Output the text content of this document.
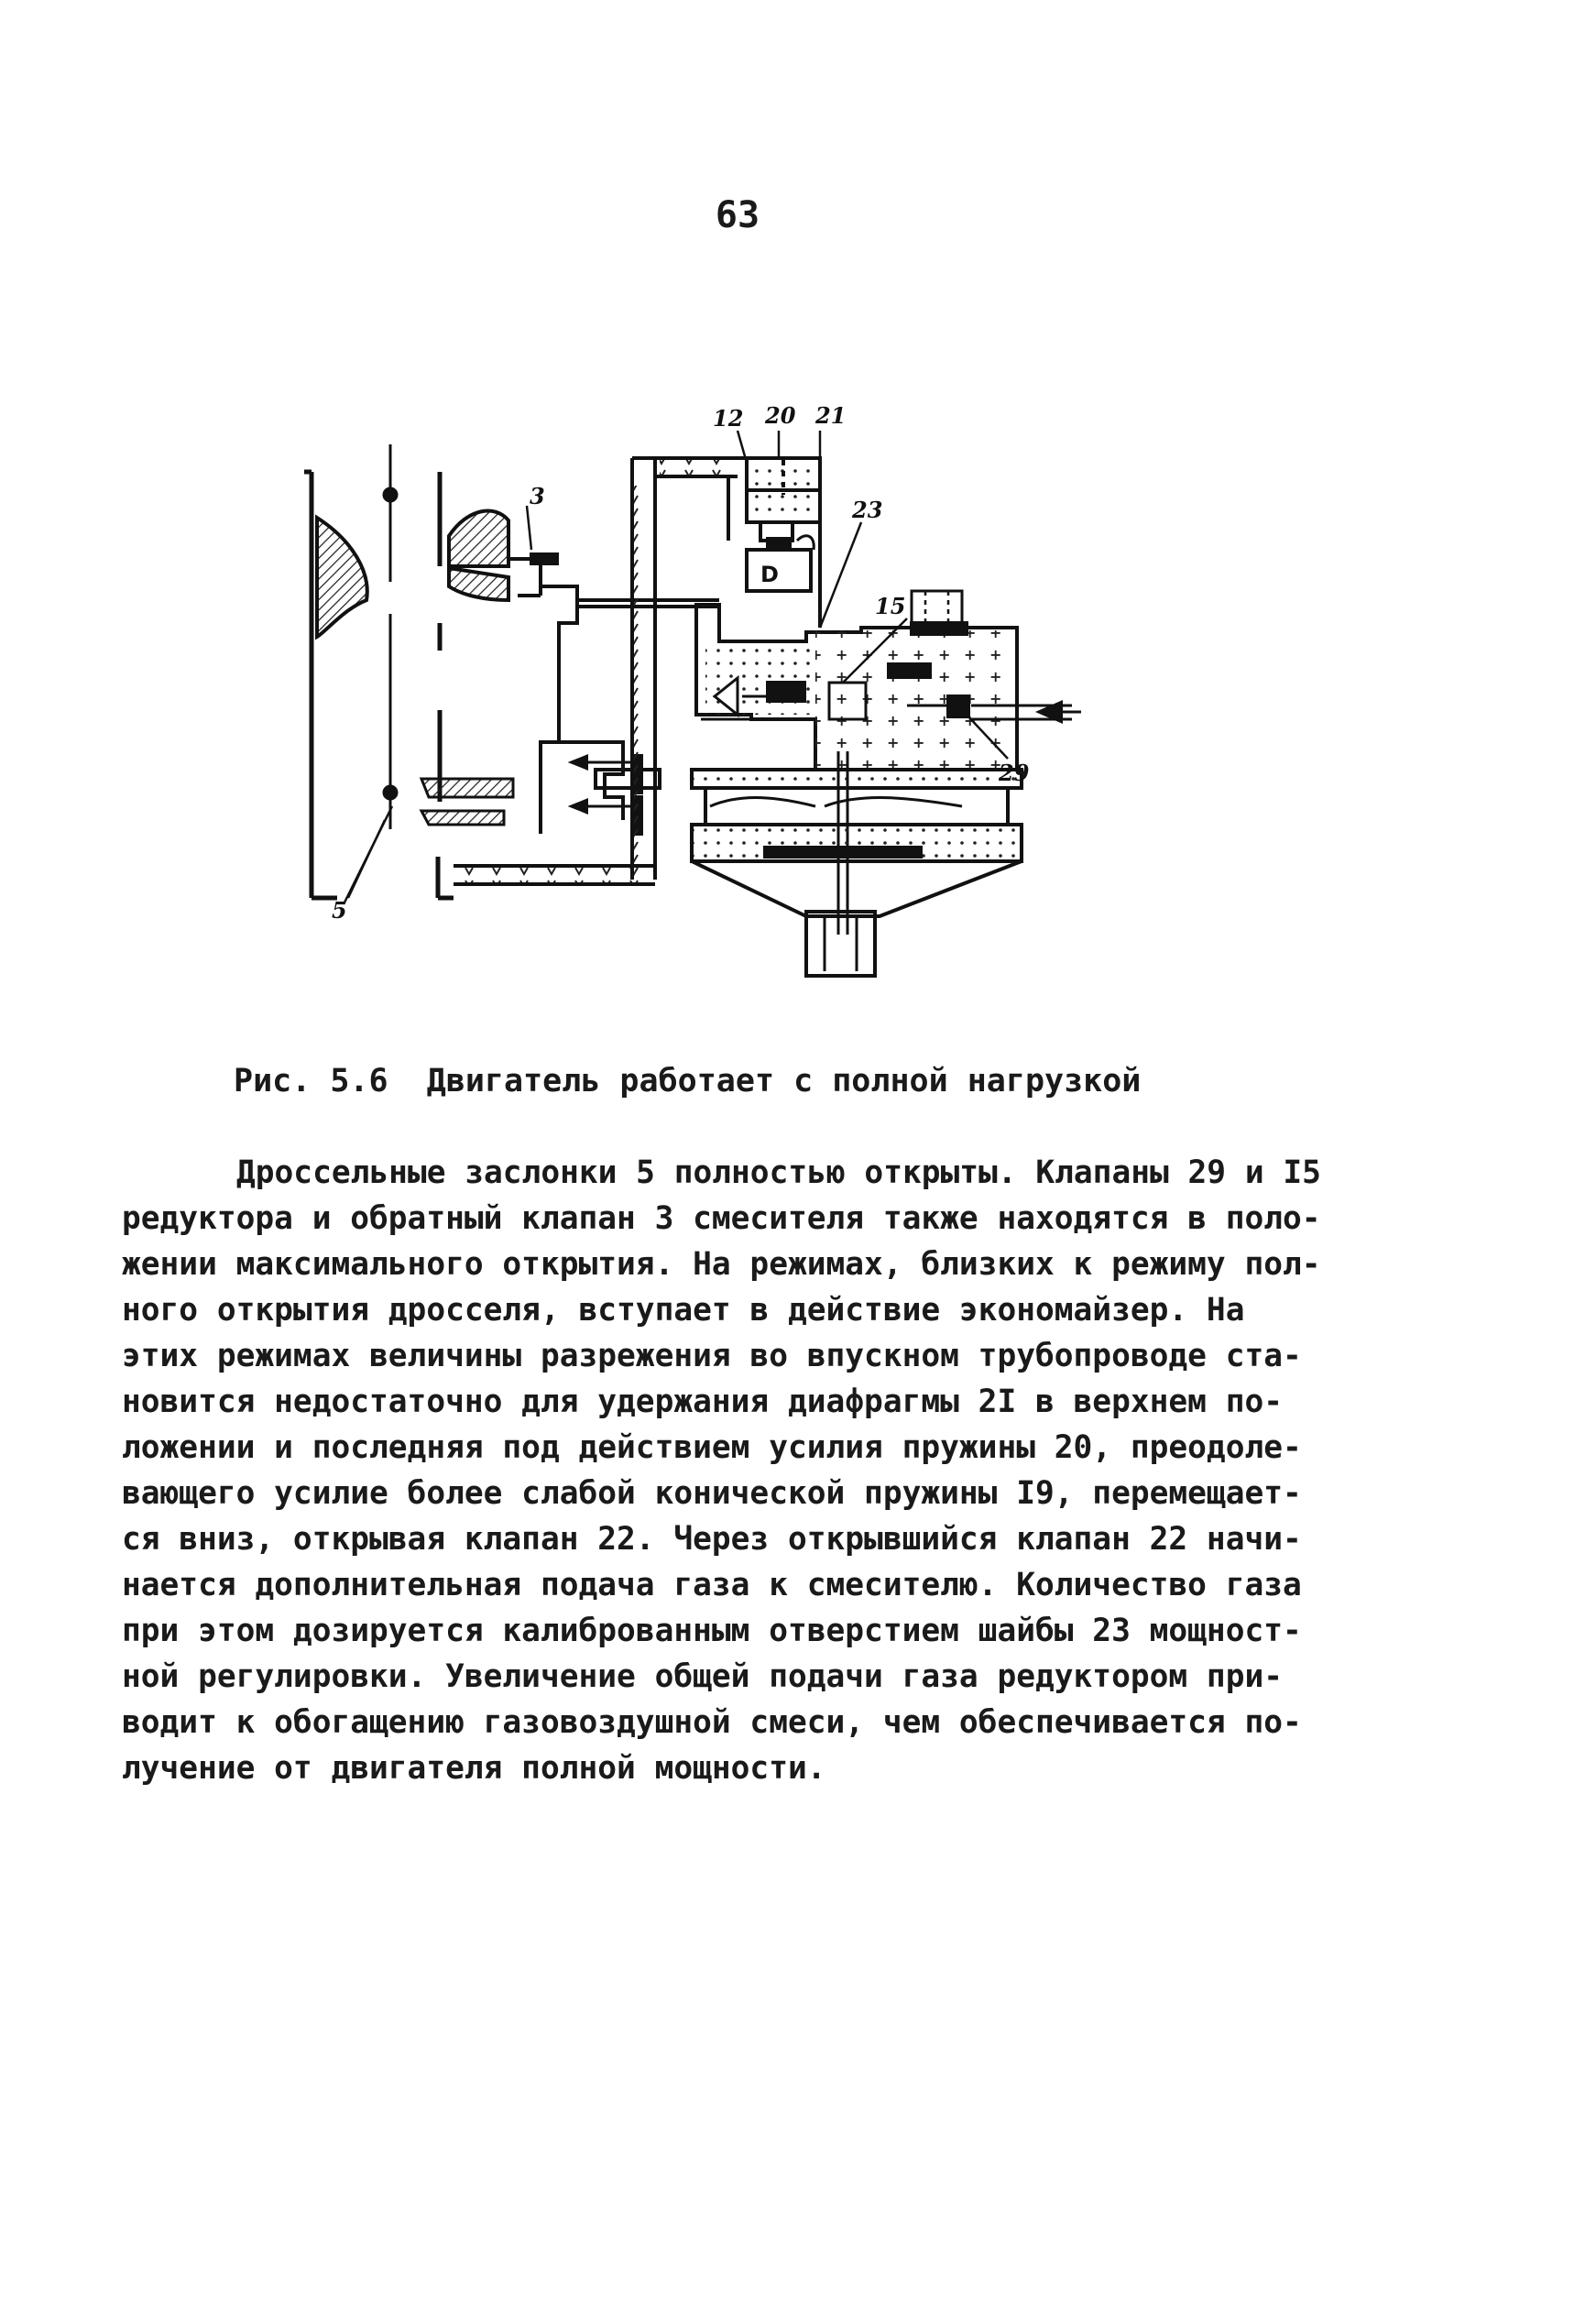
63
D
3
5
12 20 21
23
15
29

Рис. 5.6  Двигатель работает с полной нагрузкой

Дроссельные заслонки 5 полностью открыты. Клапаны 29 и I5
редуктора и обратный клапан 3 смесителя также находятся в поло-
жении максимального открытия. На режимах, близких к режиму пол-
ного открытия дросселя, вступает в действие экономайзер. На
этих режимах величины разрежения во впускном трубопроводе ста-
новится недостаточно для удержания диафрагмы 2I в верхнем по-
ложении и последняя под действием усилия пружины 20, преодоле-
вающего усилие более слабой конической пружины I9, перемещает-
ся вниз, открывая клапан 22. Через открывшийся клапан 22 начи-
нается дополнительная подача газа к смесителю. Количество газа
при этом дозируется калиброванным отверстием шайбы 23 мощност-
ной регулировки. Увеличение общей подачи газа редуктором при-
водит к обогащению газовоздушной смеси, чем обеспечивается по-
лучение от двигателя полной мощности.
